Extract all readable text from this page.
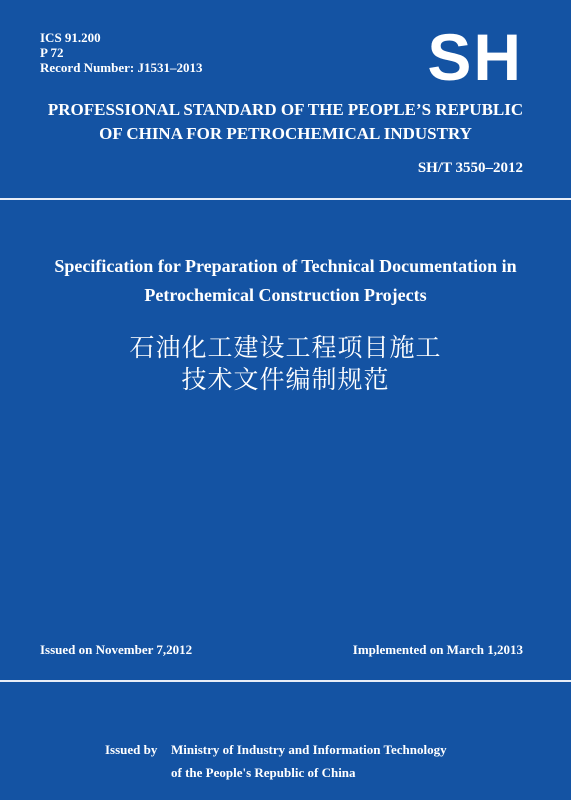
ICS 91.200
P 72
Record Number: J1531–2013	SH
PROFESSIONAL STANDARD OF THE PEOPLE’S REPUBLIC
OF CHINA FOR PETROCHEMICAL INDUSTRY
SH/T 3550–2012
Specification for Preparation of Technical Documentation in
Petrochemical Construction Projects
石油化工建设工程项目施工
技术文件编制规范
Issued on November 7,2012	Implemented on March 1,2013
Issued by	Ministry of Industry and Information Technology
of the People's Republic of China
